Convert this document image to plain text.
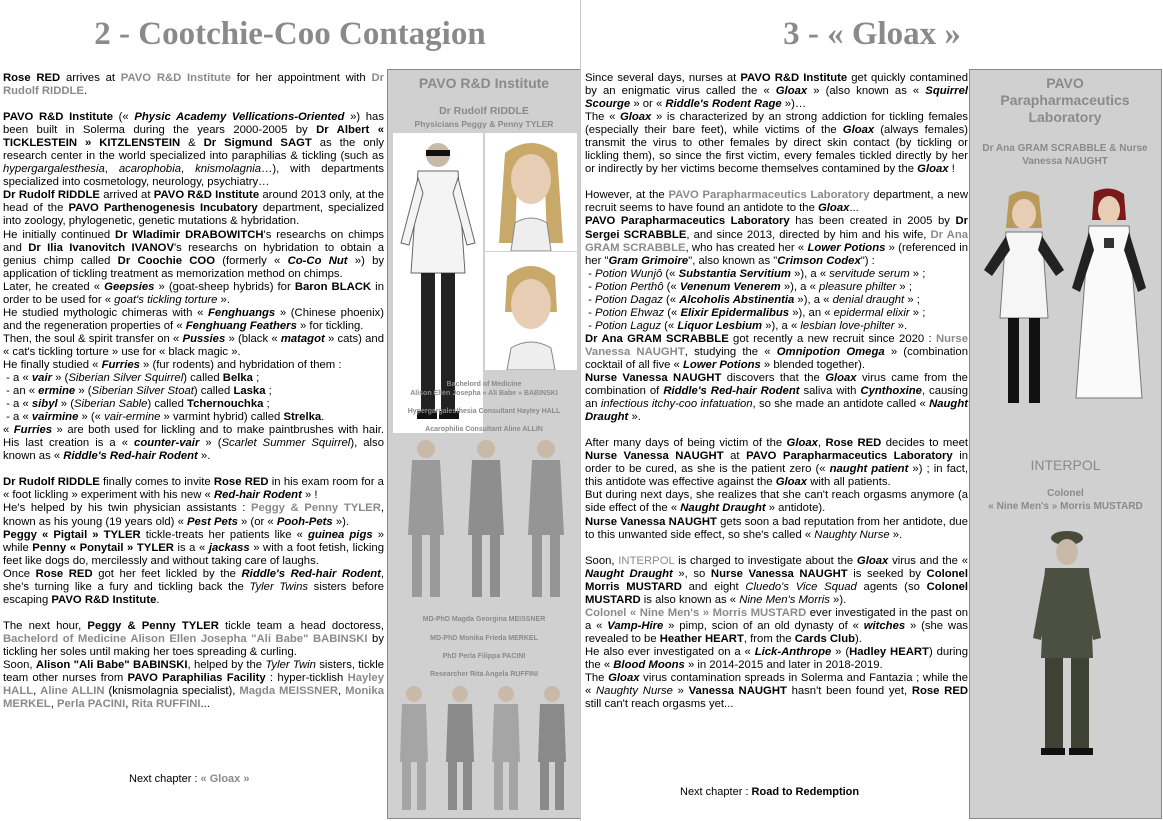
2 - Cootchie-Coo Contagion

Rose RED arrives at PAVO R&D Institute for her appointment with Dr Rudolf RIDDLE.

PAVO R&D Institute (« Physic Academy Vellications-Oriented ») has been built in Solerma during the years 2000-2005 by Dr Albert « TICKLESTEIN » KITZLENSTEIN & Dr Sigmund SAGT as the only research center in the world specialized into paraphilias & tickling (such as hypergargalesthesia, acarophobia, knismolagnia…), with departments specialized into cosmetology, neurology, psychiatry…

Dr Rudolf RIDDLE arrived at PAVO R&D Institute around 2013 only, at the head of the PAVO Parthenogenesis Incubatory department, specialized into zoology, phylogenetic, genetic mutations & hybridation.

He initially continued Dr Wladimir DRABOWITCH's researchs on chimps and Dr Ilia Ivanovitch IVANOV's researchs on hybridation to obtain a genius chimp called Dr Coochie COO (formerly « Co-Co Nut ») by application of tickling treatment as memorization method on chimps.

Later, he created « Geepsies » (goat-sheep hybrids) for Baron BLACK in order to be used for « goat's tickling torture ».

He studied mythologic chimeras with « Fenghuangs » (Chinese phoenix) and the regeneration properties of « Fenghuang Feathers » for tickling.

Then, the soul & spirit transfer on « Pussies » (black « matagot » cats) and « cat's tickling torture » use for « black magic ».

He finally studied « Furries » (fur rodents) and hybridation of them :

- a « vair » (Siberian Silver Squirrel) called Belka ;

- an « ermine » (Siberian Silver Stoat) called Laska ;

- a « sibyl » (Siberian Sable) called Tchernouchka ;

- a « vairmine » (« vair-ermine » varmint hybrid) called Strelka.

« Furries » are both used for lickling and to make paintbrushes with hair. His last creation is a « counter-vair » (Scarlet Summer Squirrel), also known as « Riddle's Red-hair Rodent ».

Dr Rudolf RIDDLE finally comes to invite Rose RED in his exam room for a « foot lickling » experiment with his new « Red-hair Rodent » !

He's helped by his twin physician assistants : Peggy & Penny TYLER, known as his young (19 years old) « Pest Pets » (or « Pooh-Pets »).

Peggy « Pigtail » TYLER tickle-treats her patients like « guinea pigs » while Penny « Ponytail » TYLER is a « jackass » with a foot fetish, licking feet like dogs do, mercilessly and without taking care of laughs.

Once Rose RED got her feet lickled by the Riddle's Red-hair Rodent, she's turning like a fury and tickling back the Tyler Twins sisters before escaping PAVO R&D Institute.

The next hour, Peggy & Penny TYLER tickle team a head doctoress, Bachelord of Medicine Alison Ellen Josepha "Ali Babe" BABINSKI by tickling her soles until making her toes spreading & curling.

Soon, Alison "Ali Babe" BABINSKI, helped by the Tyler Twin sisters, tickle team other nurses from PAVO Paraphilias Facility : hyper-ticklish Hayley HALL, Aline ALLIN (knismolagnia specialist), Magda MEISSNER, Monika MERKEL, Perla PACINI, Rita RUFFINI...

PAVO R&D Institute
Dr Rudolf RIDDLE
Physicians Peggy & Penny TYLER
Bachelord of Medicine
Alison Ellen Josepha « Ali Babe » BABINSKI
Hypergargalesthesia Consultant Hayley HALL
Acarophilia Consultant Aline ALLIN
MD-PhD Magda Georgina MEISSNER
MD-PhD Monika Frieda MERKEL
PhD Perla Filippa PACINI
Researcher Rita Angela RUFFINI
Next chapter : « Gloax »
3 - « Gloax »

Since several days, nurses at PAVO R&D Institute get quickly contamined by an enigmatic virus called the « Gloax » (also known as « Squirrel Scourge » or « Riddle's Rodent Rage »)…

The « Gloax » is characterized by an strong addiction for tickling females (especially their bare feet), while victims of the Gloax (always females) transmit the virus to other females by direct skin contact (by tickling or lickling them), so since the first victim, every females tickled directly by her or indirectly by her victims become themselves contamined by the Gloax !

However, at the PAVO Parapharmaceutics Laboratory department, a new recruit seems to have found an antidote to the Gloax...

PAVO Parapharmaceutics Laboratory has been created in 2005 by Dr Sergei SCRABBLE, and since 2013, directed by him and his wife, Dr Ana GRAM SCRABBLE, who has created her « Lower Potions » (referenced in her "Gram Grimoire", also known as "Crimson Codex") :

- Potion Wunjô (« Substantia Servitium »), a « servitude serum » ;

- Potion Perthô (« Venenum Venerem »), a « pleasure philter » ;

- Potion Dagaz (« Alcoholis Abstinentia »), a « denial draught » ;

- Potion Ehwaz (« Elixir Epidermalibus »), an « epidermal elixir » ;

- Potion Laguz (« Liquor Lesbium »), a « lesbian love-philter ».

Dr Ana GRAM SCRABBLE got recently a new recruit since 2020 : Nurse Vanessa NAUGHT, studying the « Omnipotion Omega » (combination cocktail of all five « Lower Potions » blended together).

Nurse Vanessa NAUGHT discovers that the Gloax virus came from the combination of Riddle's Red-hair Rodent saliva with Cynthoxine, causing an infectious itchy-coo infatuation, so she made an antidote called « Naught Draught ».

After many days of being victim of the Gloax, Rose RED decides to meet Nurse Vanessa NAUGHT at PAVO Parapharmaceutics Laboratory in order to be cured, as she is the patient zero (« naught patient ») ; in fact, this antidote was effective against the Gloax with all patients.

But during next days, she realizes that she can't reach orgasms anymore (a side effect of the « Naught Draught » antidote).

Nurse Vanessa NAUGHT gets soon a bad reputation from her antidote, due to this unwanted side effect, so she's called « Naughty Nurse ».

Soon, INTERPOL is charged to investigate about the Gloax virus and the « Naught Draught », so Nurse Vanessa NAUGHT is seeked by Colonel Morris MUSTARD and eight Cluedo's Vice Squad agents (so Colonel MUSTARD is also known as « Nine Men's Morris »).

Colonel « Nine Men's » Morris MUSTARD ever investigated in the past on a « Vamp-Hire » pimp, scion of an old dynasty of « witches » (she was revealed to be Heather HEART, from the Cards Club).

He also ever investigated on a « Lick-Anthrope » (Hadley HEART) during the « Blood Moons » in 2014-2015 and later in 2018-2019.

The Gloax virus contamination spreads in Solerma and Fantazia ; while the « Naughty Nurse » Vanessa NAUGHT hasn't been found yet, Rose RED still can't reach orgasms yet...

PAVO Parapharmaceutics Laboratory
Dr Ana GRAM SCRABBLE & Nurse Vanessa NAUGHT
INTERPOL
Colonel
« Nine Men's » Morris MUSTARD
Next chapter : Road to Redemption
